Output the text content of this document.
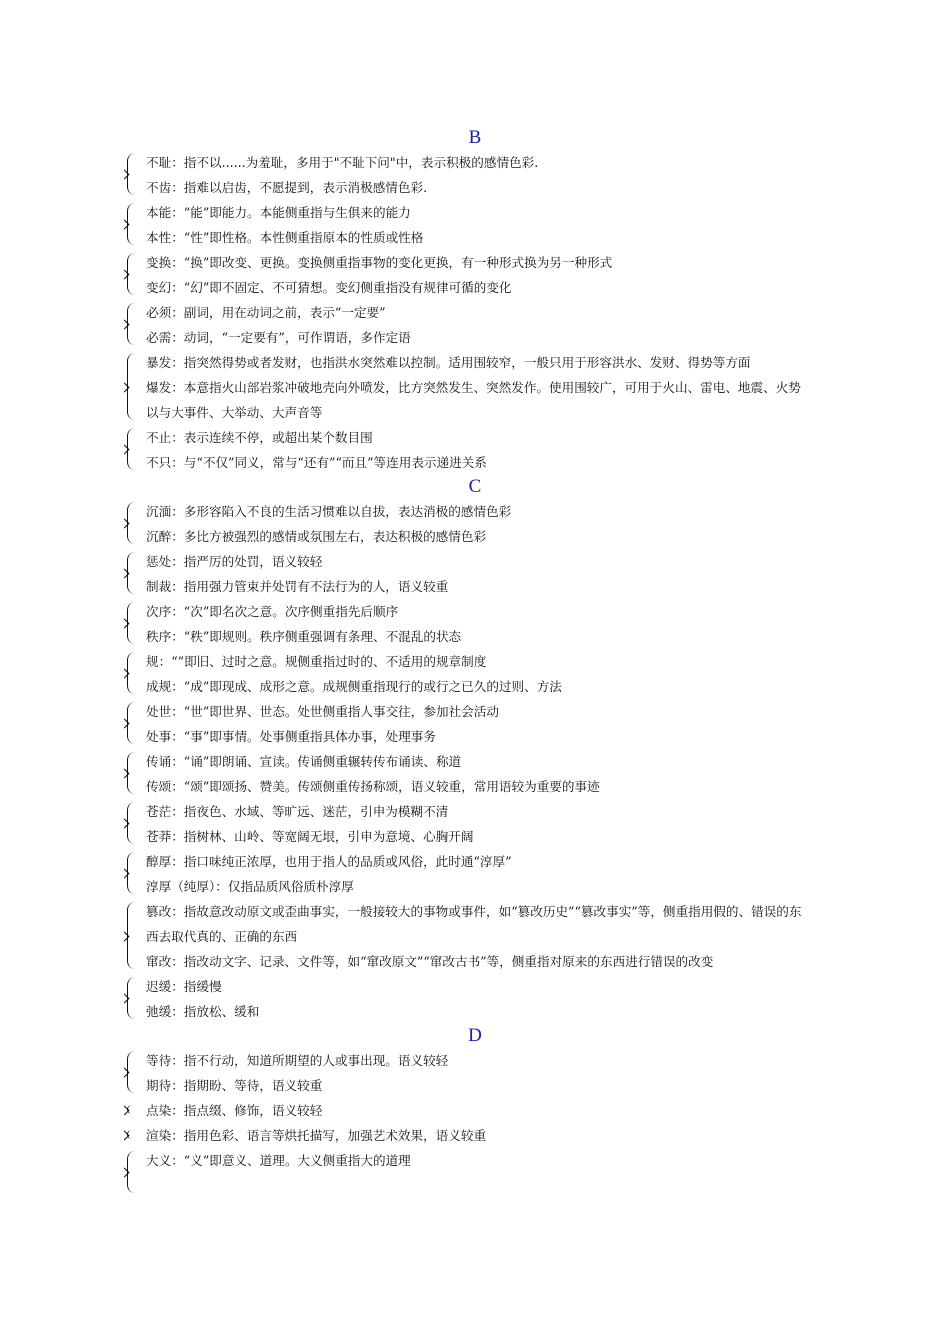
B
不耻：指不以......为羞耻，多用于"不耻下问"中，表示积极的感情色彩.
不齿：指难以启齿，不愿提到，表示消极感情色彩.
本能：“能”即能力。本能侧重指与生俱来的能力
本性：“性”即性格。本性侧重指原本的性质或性格
变换：“换”即改变、更换。变换侧重指事物的变化更换，有一种形式换为另一种形式
变幻：“幻”即不固定、不可猜想。变幻侧重指没有规律可循的变化
必须：副词，用在动词之前，表示“一定要”
必需：动词，“一定要有”，可作谓语，多作定语
暴发：指突然得势或者发财，也指洪水突然难以控制。适用围较窄，一般只用于形容洪水、发财、得势等方面
爆发：本意指火山部岩浆冲破地壳向外喷发，比方突然发生、突然发作。使用围较广，可用于火山、雷电、地震、火势以与大事件、大举动、大声音等
不止：表示连续不停，或超出某个数目围
不只：与“不仅”同义，常与“还有”“而且”等连用表示递进关系
C
沉湎：多形容陷入不良的生活习惯难以自拔，表达消极的感情色彩
沉醉：多比方被强烈的感情或氛围左右，表达积极的感情色彩
惩处：指严厉的处罚，语义较轻
制裁：指用强力管束并处罚有不法行为的人，语义较重
次序：“次”即名次之意。次序侧重指先后顺序
秩序：“秩”即规则。秩序侧重强调有条理、不混乱的状态
规：“”即旧、过时之意。规侧重指过时的、不适用的规章制度
成规：“成”即现成、成形之意。成规侧重指现行的或行之已久的过则、方法
处世：“世”即世界、世态。处世侧重指人事交往，参加社会活动
处事：“事”即事情。处事侧重指具体办事，处理事务
传诵：“诵”即朗诵、宣读。传诵侧重辗转传布诵读、称道
传颂：“颂”即颂扬、赞美。传颂侧重传扬称颂，语义较重，常用语较为重要的事迹
苍茫：指夜色、水域、等旷远、迷茫，引申为模糊不清
苍莽：指树林、山岭、等宽阔无垠，引申为意境、心胸开阔
醇厚：指口味纯正浓厚，也用于指人的品质或风俗，此时通“淳厚”
淳厚（纯厚）：仅指品质风俗质朴淳厚
篡改：指故意改动原文或歪曲事实，一般接较大的事物或事件，如“篡改历史”“篡改事实”等，侧重指用假的、错误的东西去取代真的、正确的东西
窜改：指改动文字、记录、文件等，如“窜改原文”“窜改古书”等，侧重指对原来的东西进行错误的改变
迟缓：指缓慢
弛缓：指放松、缓和
D
等待：指不行动，知道所期望的人或事出现。语义较轻
期待：指期盼、等待，语义较重
点染：指点缀、修饰，语义较轻
渲染：指用色彩、语言等烘托描写，加强艺术效果，语义较重
大义：“义”即意义、道理。大义侧重指大的道理
